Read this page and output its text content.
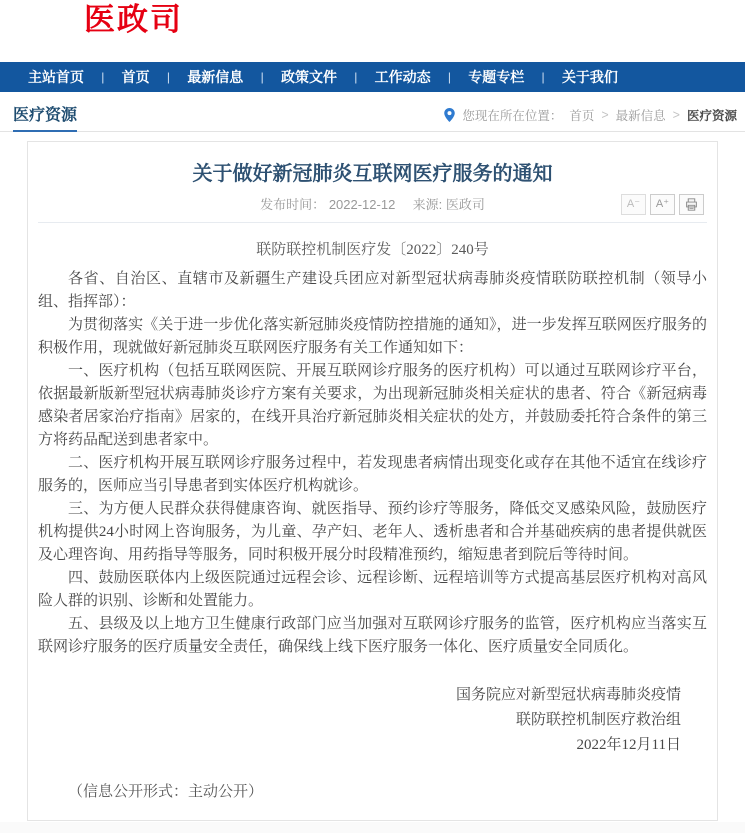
医政司
主站首页 | 首页 | 最新信息 | 政策文件 | 工作动态 | 专题专栏 | 关于我们
医疗资源	您现在所在位置： 首页 > 最新信息 > 医疗资源
关于做好新冠肺炎互联网医疗服务的通知
发布时间： 2022-12-12 来源: 医政司	A⁻	A⁺

联防联控机制医疗发〔2022〕240号

各省、自治区、直辖市及新疆生产建设兵团应对新型冠状病毒肺炎疫情联防联控机制（领导小组、指挥部）：

为贯彻落实《关于进一步优化落实新冠肺炎疫情防控措施的通知》，进一步发挥互联网医疗服务的积极作用，现就做好新冠肺炎互联网医疗服务有关工作通知如下：

一、医疗机构（包括互联网医院、开展互联网诊疗服务的医疗机构）可以通过互联网诊疗平台，依据最新版新型冠状病毒肺炎诊疗方案有关要求，为出现新冠肺炎相关症状的患者、符合《新冠病毒感染者居家治疗指南》居家的，在线开具治疗新冠肺炎相关症状的处方，并鼓励委托符合条件的第三方将药品配送到患者家中。

二、医疗机构开展互联网诊疗服务过程中，若发现患者病情出现变化或存在其他不适宜在线诊疗服务的，医师应当引导患者到实体医疗机构就诊。

三、为方便人民群众获得健康咨询、就医指导、预约诊疗等服务，降低交叉感染风险，鼓励医疗机构提供24小时网上咨询服务，为儿童、孕产妇、老年人、透析患者和合并基础疾病的患者提供就医及心理咨询、用药指导等服务，同时积极开展分时段精准预约，缩短患者到院后等待时间。

四、鼓励医联体内上级医院通过远程会诊、远程诊断、远程培训等方式提高基层医疗机构对高风险人群的识别、诊断和处置能力。

五、县级及以上地方卫生健康行政部门应当加强对互联网诊疗服务的监管，医疗机构应当落实互联网诊疗服务的医疗质量安全责任，确保线上线下医疗服务一体化、医疗质量安全同质化。

国务院应对新型冠状病毒肺炎疫情

联防联控机制医疗救治组

2022年12月11日

（信息公开形式：主动公开）
